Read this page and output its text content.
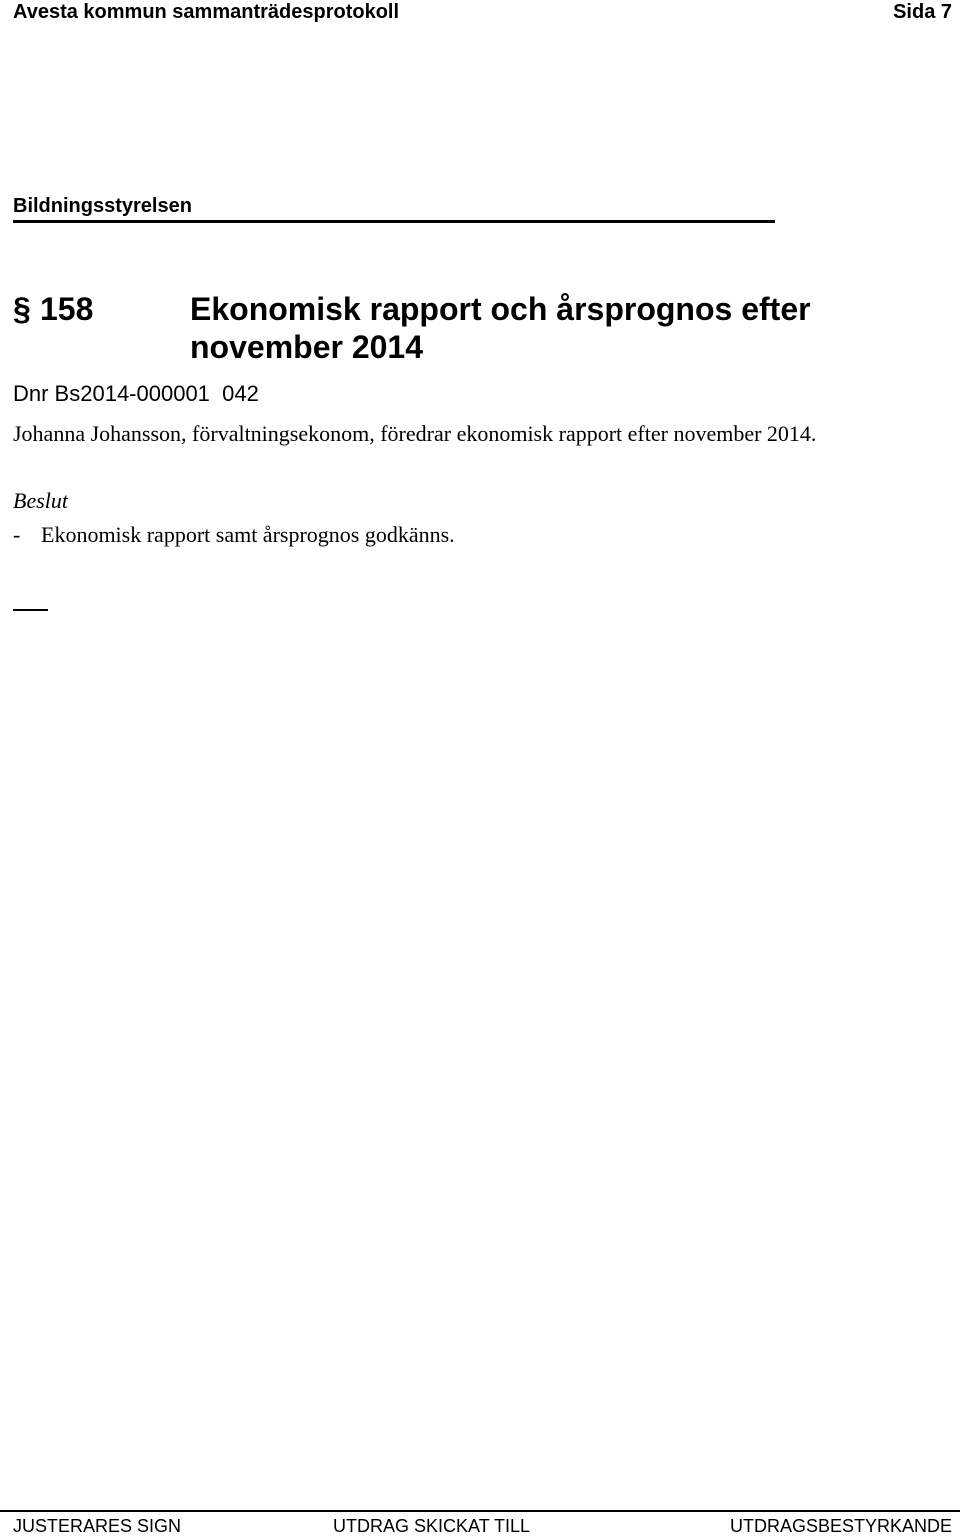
Avesta kommun sammanträdesprotokoll	Sida 7
Bildningsstyrelsen
§ 158	Ekonomisk rapport och årsprognos efter november 2014
Dnr Bs2014-000001  042
Johanna Johansson, förvaltningsekonom, föredrar ekonomisk rapport efter november 2014.
Beslut
- Ekonomisk rapport samt årsprognos godkänns.
JUSTERARES SIGN	UTDRAG SKICKAT TILL	UTDRAGSBESTYRKANDE
